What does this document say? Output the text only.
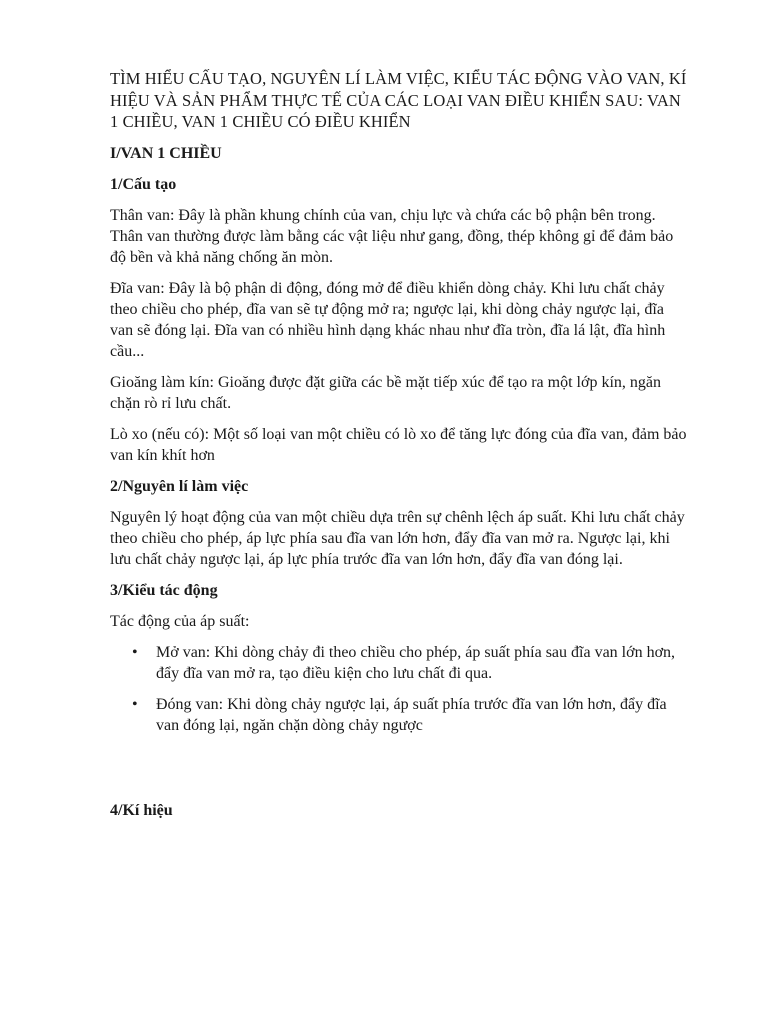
TÌM HIỂU CẤU TẠO, NGUYÊN LÍ LÀM VIỆC, KIỂU TÁC ĐỘNG VÀO VAN, KÍ HIỆU VÀ SẢN PHẨM THỰC TẾ CỦA CÁC LOẠI VAN ĐIỀU KHIỂN SAU: VAN 1 CHIỀU, VAN 1 CHIỀU CÓ ĐIỀU KHIỂN

I/VAN 1 CHIỀU

1/Cấu tạo

Thân van: Đây là phần khung chính của van, chịu lực và chứa các bộ phận bên trong. Thân van thường được làm bằng các vật liệu như gang, đồng, thép không gỉ để đảm bảo độ bền và khả năng chống ăn mòn.

Đĩa van: Đây là bộ phận di động, đóng mở để điều khiển dòng chảy. Khi lưu chất chảy theo chiều cho phép, đĩa van sẽ tự động mở ra; ngược lại, khi dòng chảy ngược lại, đĩa van sẽ đóng lại. Đĩa van có nhiều hình dạng khác nhau như đĩa tròn, đĩa lá lật, đĩa hình cầu...

Gioăng làm kín: Gioăng được đặt giữa các bề mặt tiếp xúc để tạo ra một lớp kín, ngăn chặn rò rỉ lưu chất.

Lò xo (nếu có): Một số loại van một chiều có lò xo để tăng lực đóng của đĩa van, đảm bảo van kín khít hơn

2/Nguyên lí làm việc

Nguyên lý hoạt động của van một chiều dựa trên sự chênh lệch áp suất. Khi lưu chất chảy theo chiều cho phép, áp lực phía sau đĩa van lớn hơn, đẩy đĩa van mở ra. Ngược lại, khi lưu chất chảy ngược lại, áp lực phía trước đĩa van lớn hơn, đẩy đĩa van đóng lại.

3/Kiểu tác động

Tác động của áp suất:

• Mở van: Khi dòng chảy đi theo chiều cho phép, áp suất phía sau đĩa van lớn hơn, đẩy đĩa van mở ra, tạo điều kiện cho lưu chất đi qua.
• Đóng van: Khi dòng chảy ngược lại, áp suất phía trước đĩa van lớn hơn, đẩy đĩa van đóng lại, ngăn chặn dòng chảy ngược

4/Kí hiệu
